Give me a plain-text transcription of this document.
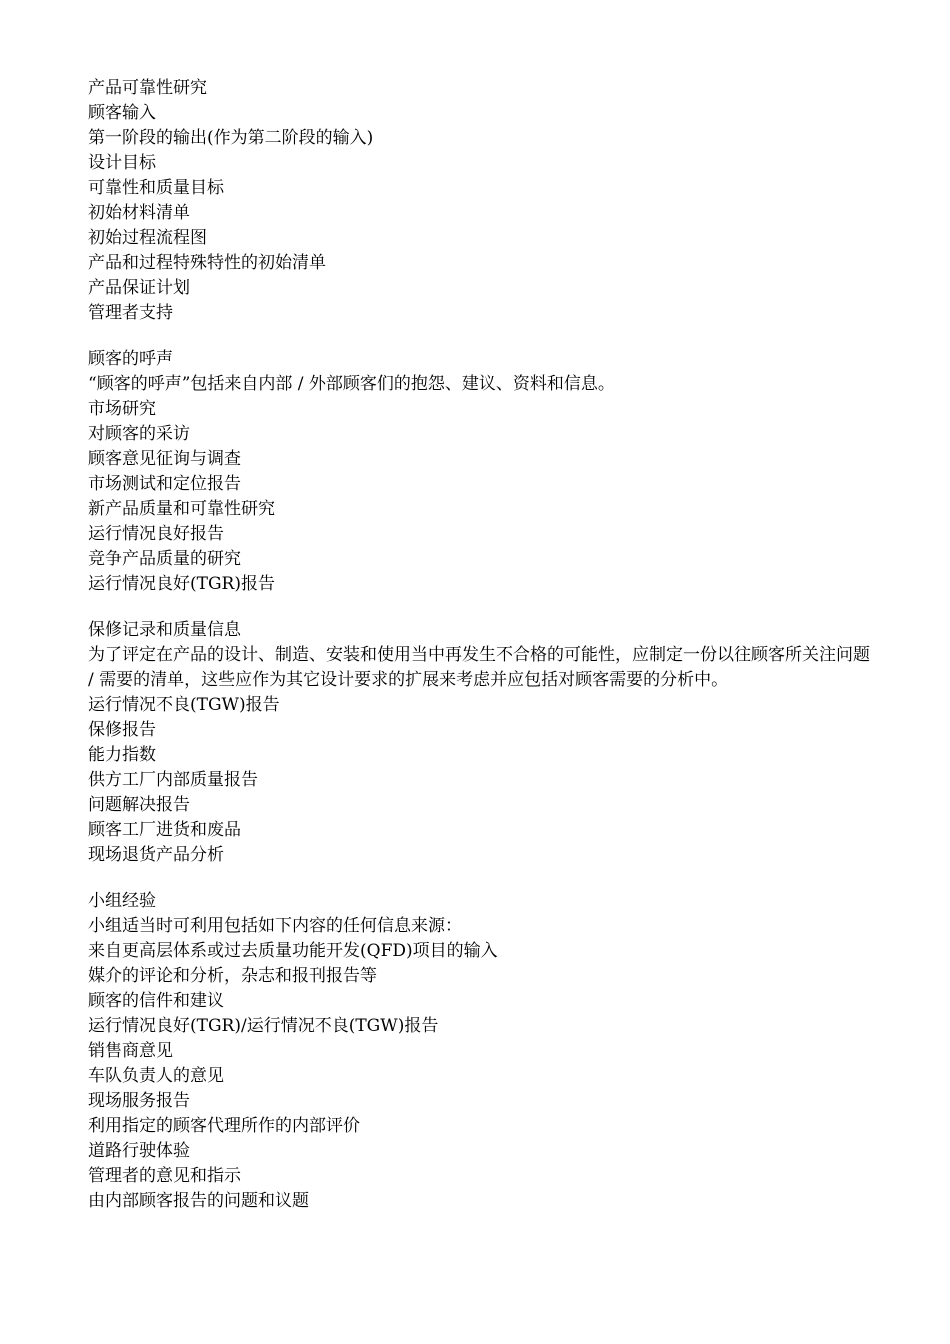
产品可靠性研究

顾客输入

第一阶段的输出(作为第二阶段的输入)

设计目标

可靠性和质量目标

初始材料清单

初始过程流程图

产品和过程特殊特性的初始清单

产品保证计划

管理者支持

顾客的呼声

“顾客的呼声”包括来自内部 / 外部顾客们的抱怨、建议、资料和信息。

市场研究

对顾客的采访

顾客意见征询与调查

市场测试和定位报告

新产品质量和可靠性研究

运行情况良好报告

竞争产品质量的研究

运行情况良好(TGR)报告

保修记录和质量信息

为了评定在产品的设计、制造、安装和使用当中再发生不合格的可能性，应制定一份以往顾客所关注问题 / 需要的清单，这些应作为其它设计要求的扩展来考虑并应包括对顾客需要的分析中。

运行情况不良(TGW)报告

保修报告

能力指数

供方工厂内部质量报告

问题解决报告

顾客工厂进货和废品

现场退货产品分析

小组经验

小组适当时可利用包括如下内容的任何信息来源：

来自更高层体系或过去质量功能开发(QFD)项目的输入

媒介的评论和分析，杂志和报刊报告等

顾客的信件和建议

运行情况良好(TGR)/运行情况不良(TGW)报告

销售商意见

车队负责人的意见

现场服务报告

利用指定的顾客代理所作的内部评价

道路行驶体验

管理者的意见和指示

由内部顾客报告的问题和议题
